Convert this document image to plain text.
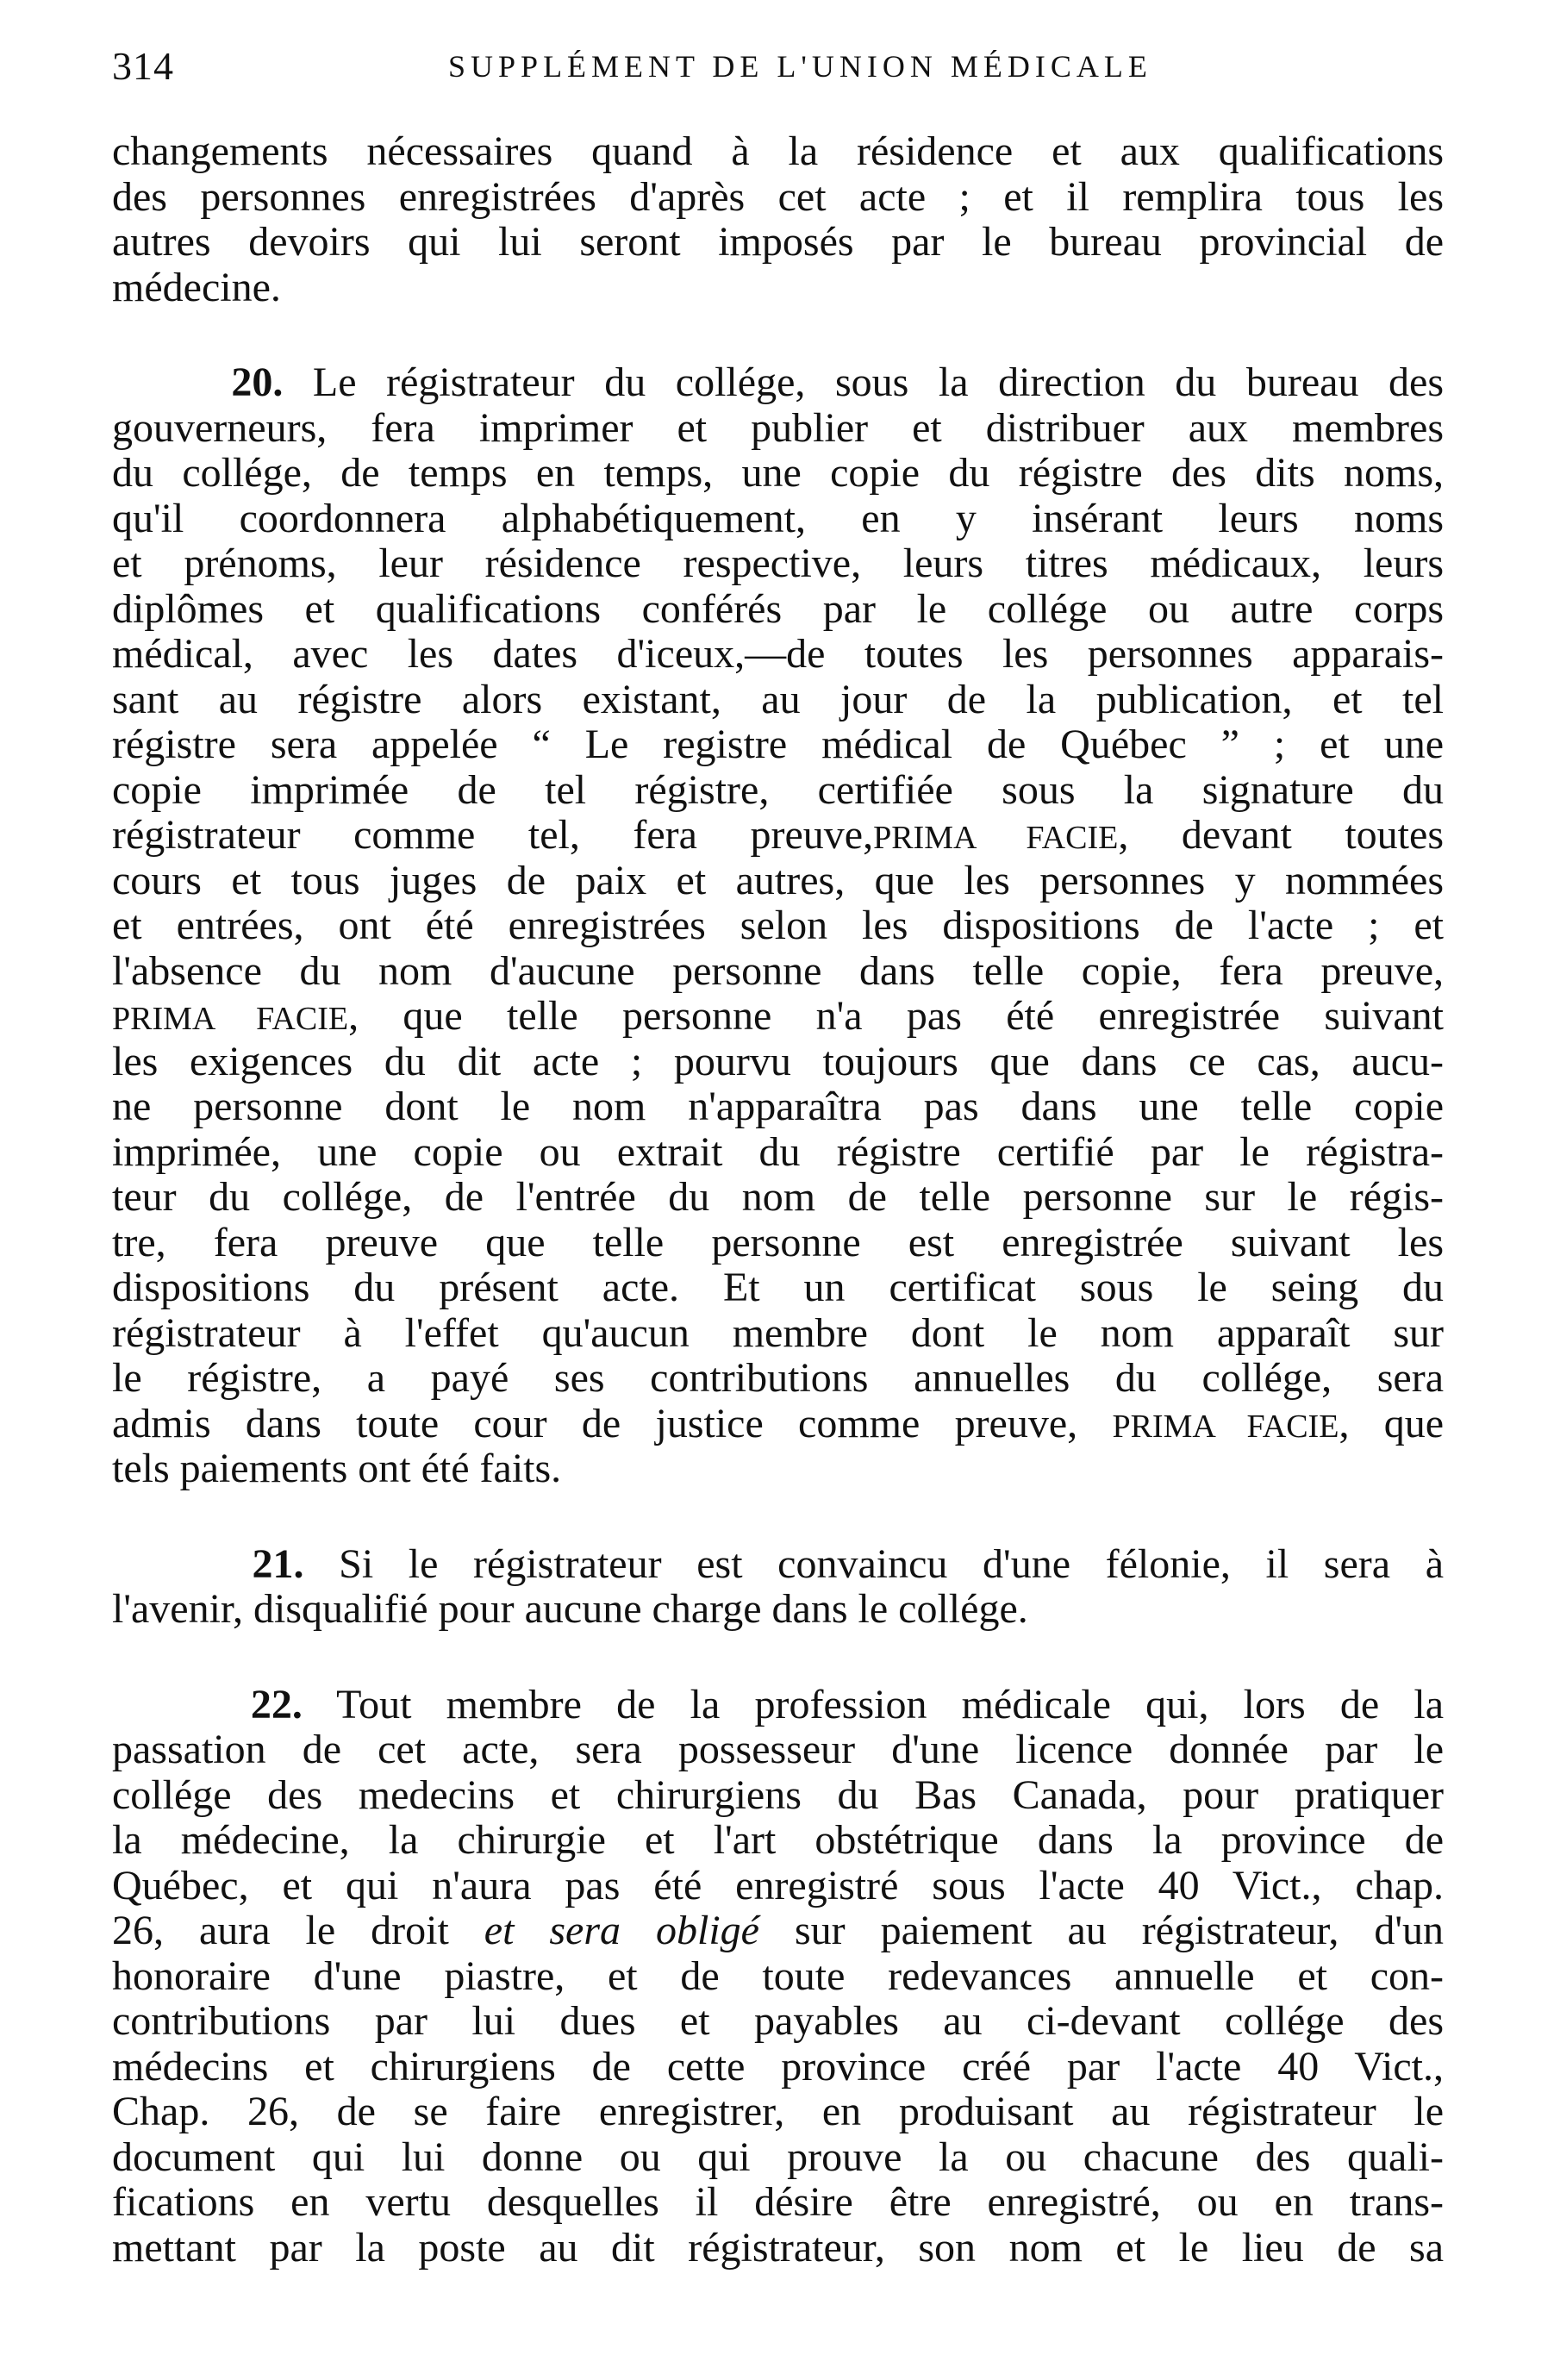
314	SUPPLÉMENT DE L'UNION MÉDICALE
changements nécessaires quand à la résidence et aux qualifications
des personnes enregistrées d'après cet acte ; et il remplira tous les
autres devoirs qui lui seront imposés par le bureau provincial de
médecine.
20. Le régistrateur du collége, sous la direction du bureau des
gouverneurs, fera imprimer et publier et distribuer aux membres
du collége, de temps en temps, une copie du régistre des dits noms,
qu'il coordonnera alphabétiquement, en y insérant leurs noms
et prénoms, leur résidence respective, leurs titres médicaux, leurs
diplômes et qualifications conférés par le collége ou autre corps
médical, avec les dates d'iceux,—de toutes les personnes apparais-
sant au régistre alors existant, au jour de la publication, et tel
régistre sera appelée “ Le registre médical de Québec ” ; et une
copie imprimée de tel régistre, certifiée sous la signature du
régistrateur comme tel, fera preuve,PRIMA FACIE, devant toutes
cours et tous juges de paix et autres, que les personnes y nommées
et entrées, ont été enregistrées selon les dispositions de l'acte ; et
l'absence du nom d'aucune personne dans telle copie, fera preuve,
PRIMA FACIE, que telle personne n'a pas été enregistrée suivant
les exigences du dit acte ; pourvu toujours que dans ce cas, aucu-
ne personne dont le nom n'apparaîtra pas dans une telle copie
imprimée, une copie ou extrait du régistre certifié par le régistra-
teur du collége, de l'entrée du nom de telle personne sur le régis-
tre, fera preuve que telle personne est enregistrée suivant les
dispositions du présent acte. Et un certificat sous le seing du
régistrateur à l'effet qu'aucun membre dont le nom apparaît sur
le régistre, a payé ses contributions annuelles du collége, sera
admis dans toute cour de justice comme preuve, PRIMA FACIE, que
tels paiements ont été faits.
21. Si le régistrateur est convaincu d'une félonie, il sera à
l'avenir, disqualifié pour aucune charge dans le collége.
22. Tout membre de la profession médicale qui, lors de la
passation de cet acte, sera possesseur d'une licence donnée par le
collége des medecins et chirurgiens du Bas Canada, pour pratiquer
la médecine, la chirurgie et l'art obstétrique dans la province de
Québec, et qui n'aura pas été enregistré sous l'acte 40 Vict., chap.
26, aura le droit et sera obligé sur paiement au régistrateur, d'un
honoraire d'une piastre, et de toute redevances annuelle et con-
contributions par lui dues et payables au ci-devant collége des
médecins et chirurgiens de cette province créé par l'acte 40 Vict.,
Chap. 26, de se faire enregistrer, en produisant au régistrateur le
document qui lui donne ou qui prouve la ou chacune des quali-
fications en vertu desquelles il désire être enregistré, ou en trans-
mettant par la poste au dit régistrateur, son nom et le lieu de sa
